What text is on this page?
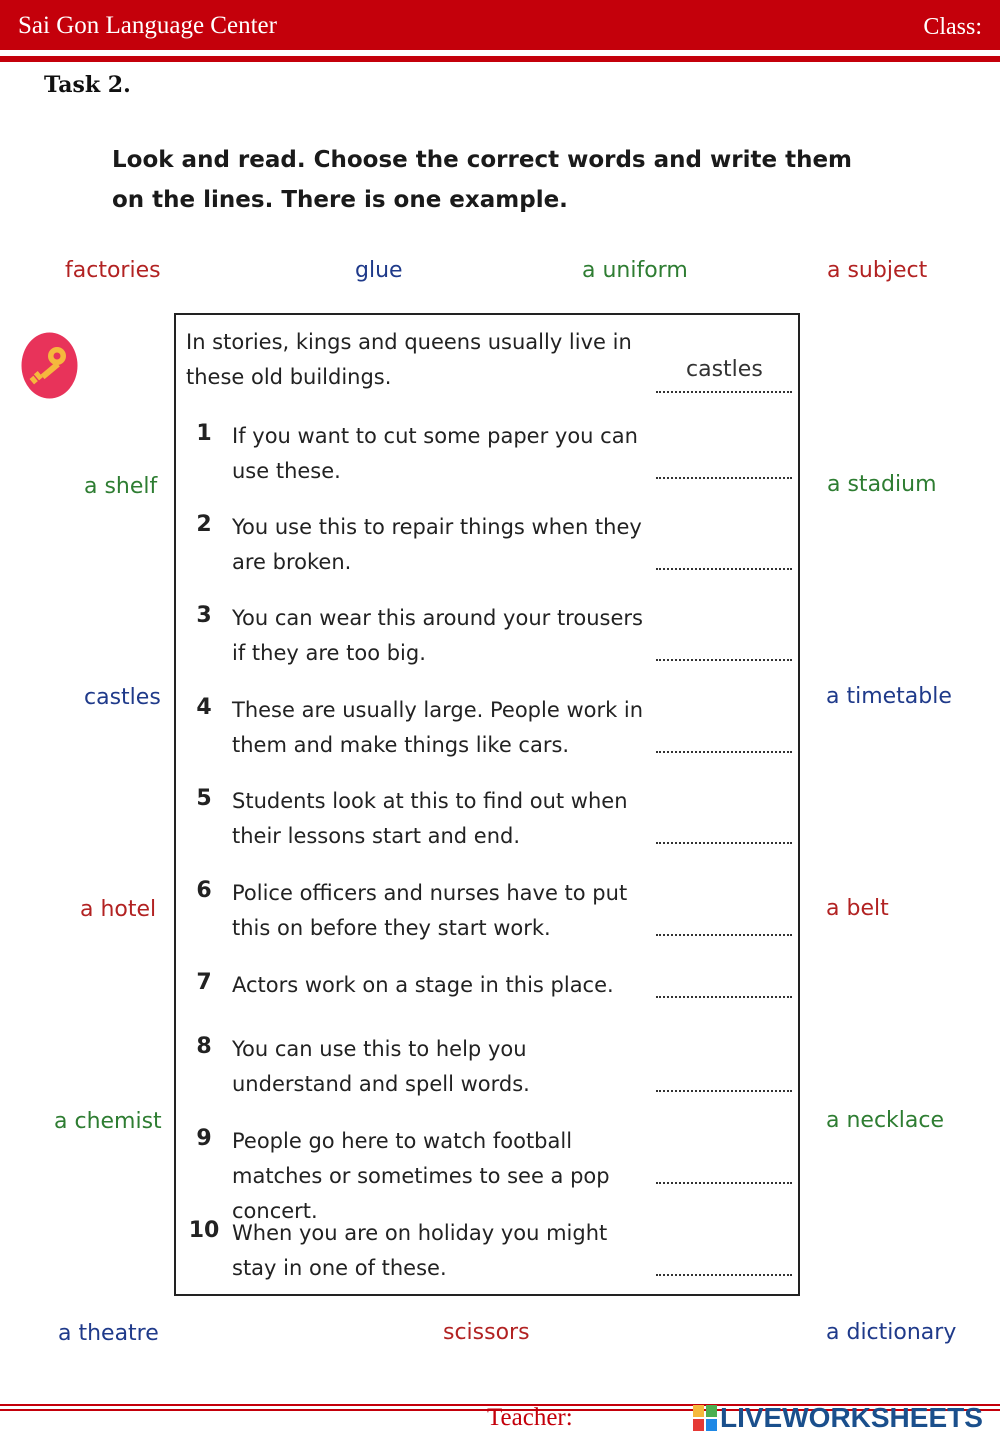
Sai Gon Language Center	Class:
Task 2.
Look and read. Choose the correct words and write them on the lines. There is one example.
factories	glue	a uniform	a subject
a shelf	a stadium
castles	a timetable
a hotel	a belt
a chemist	a necklace
a theatre	scissors	a dictionary
In stories, kings and queens usually live in these old buildings.	castles
1 If you want to cut some paper you can use these.
2 You use this to repair things when they are broken.
3 You can wear this around your trousers if they are too big.
4 These are usually large. People work in them and make things like cars.
5 Students look at this to find out when their lessons start and end.
6 Police officers and nurses have to put this on before they start work.
7 Actors work on a stage in this place.
8 You can use this to help you understand and spell words.
9 People go here to watch football matches or sometimes to see a pop concert.
10 When you are on holiday you might stay in one of these.
Teacher:	LIVEWORKSHEETS
